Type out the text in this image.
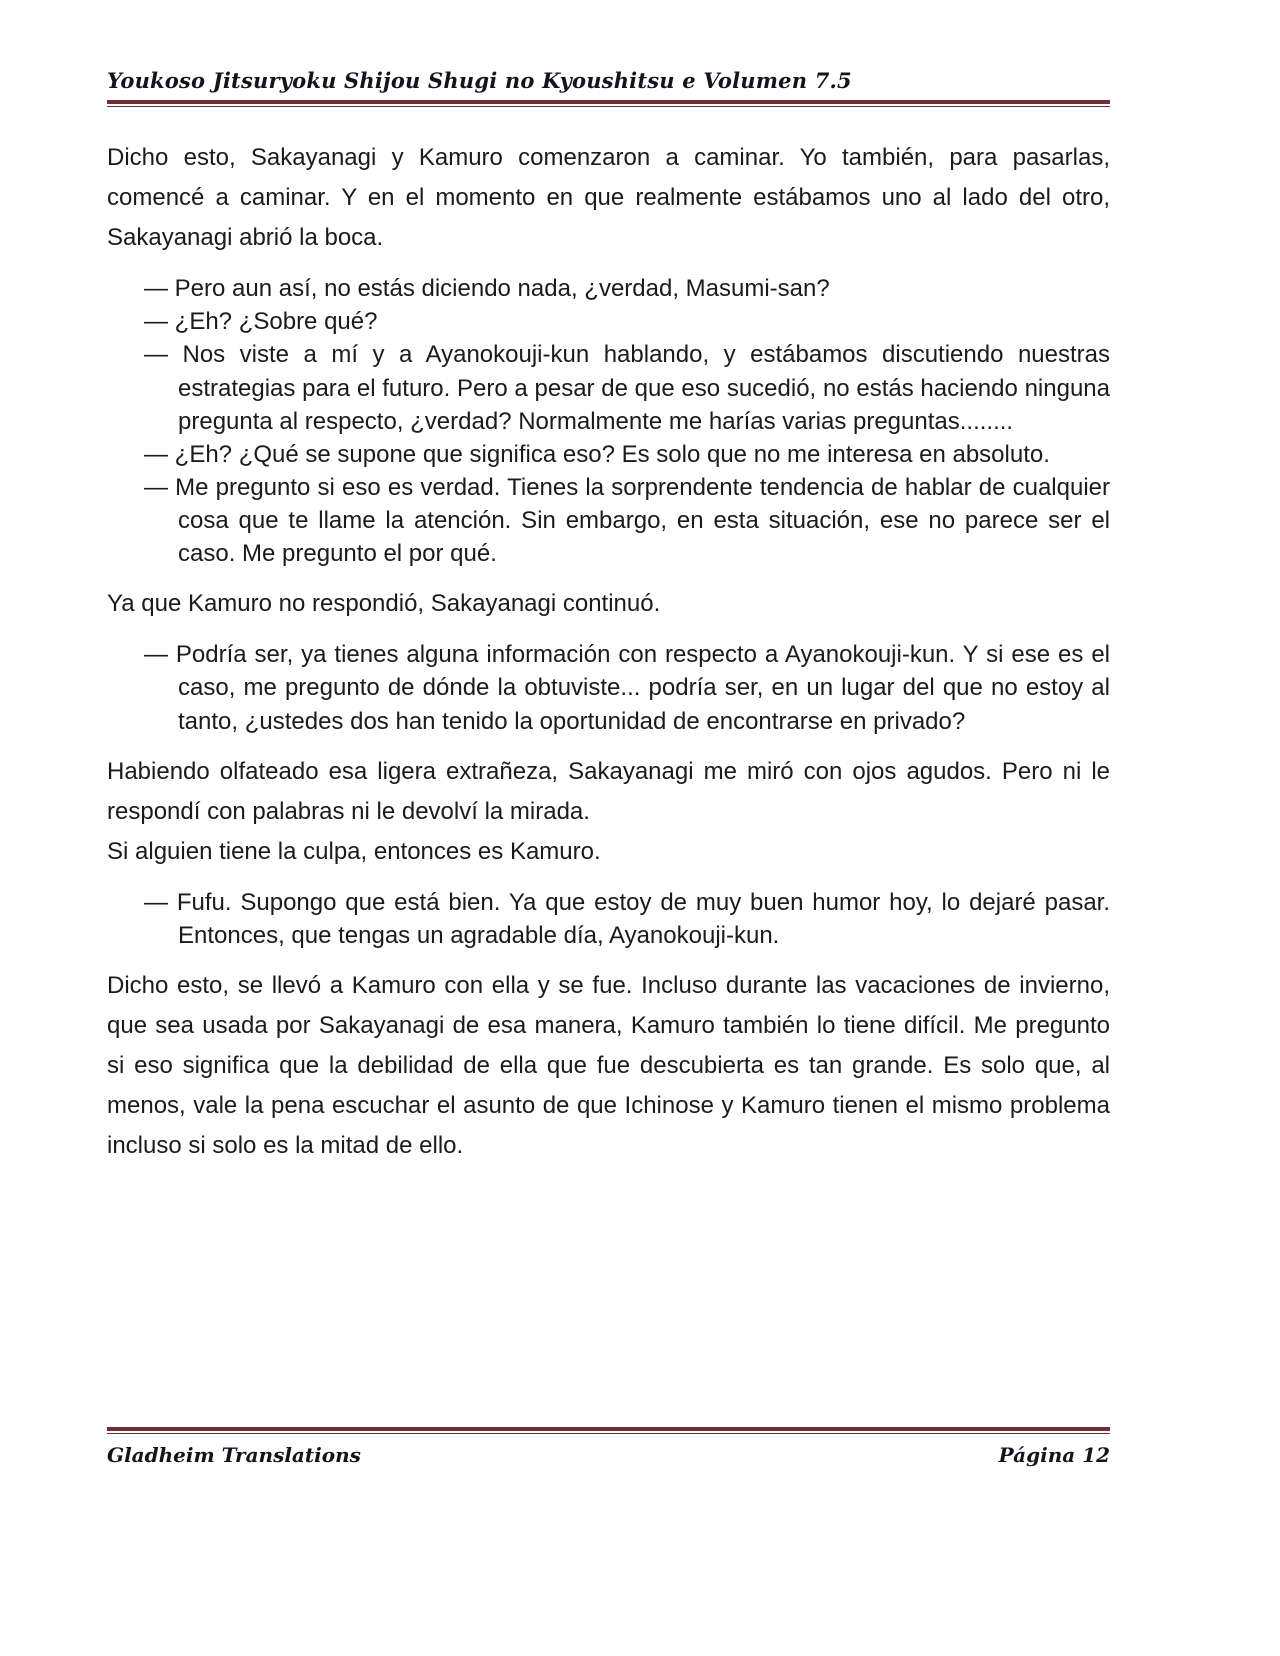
Youkoso Jitsuryoku Shijou Shugi no Kyoushitsu e Volumen 7.5

Dicho esto, Sakayanagi y Kamuro comenzaron a caminar. Yo también, para pasarlas, comencé a caminar. Y en el momento en que realmente estábamos uno al lado del otro, Sakayanagi abrió la boca.

— Pero aun así, no estás diciendo nada, ¿verdad, Masumi-san?

— ¿Eh? ¿Sobre qué?

— Nos viste a mí y a Ayanokouji-kun hablando, y estábamos discutiendo nuestras estrategias para el futuro. Pero a pesar de que eso sucedió, no estás haciendo ninguna pregunta al respecto, ¿verdad? Normalmente me harías varias preguntas........

— ¿Eh? ¿Qué se supone que significa eso? Es solo que no me interesa en absoluto.

— Me pregunto si eso es verdad. Tienes la sorprendente tendencia de hablar de cualquier cosa que te llame la atención. Sin embargo, en esta situación, ese no parece ser el caso. Me pregunto el por qué.

Ya que Kamuro no respondió, Sakayanagi continuó.

— Podría ser, ya tienes alguna información con respecto a Ayanokouji-kun. Y si ese es el caso, me pregunto de dónde la obtuviste... podría ser, en un lugar del que no estoy al tanto, ¿ustedes dos han tenido la oportunidad de encontrarse en privado?

Habiendo olfateado esa ligera extrañeza, Sakayanagi me miró con ojos agudos. Pero ni le respondí con palabras ni le devolví la mirada.

Si alguien tiene la culpa, entonces es Kamuro.

— Fufu. Supongo que está bien. Ya que estoy de muy buen humor hoy, lo dejaré pasar. Entonces, que tengas un agradable día, Ayanokouji-kun.

Dicho esto, se llevó a Kamuro con ella y se fue. Incluso durante las vacaciones de invierno, que sea usada por Sakayanagi de esa manera, Kamuro también lo tiene difícil. Me pregunto si eso significa que la debilidad de ella que fue descubierta es tan grande. Es solo que, al menos, vale la pena escuchar el asunto de que Ichinose y Kamuro tienen el mismo problema incluso si solo es la mitad de ello.

Gladheim Translations	Página 12
